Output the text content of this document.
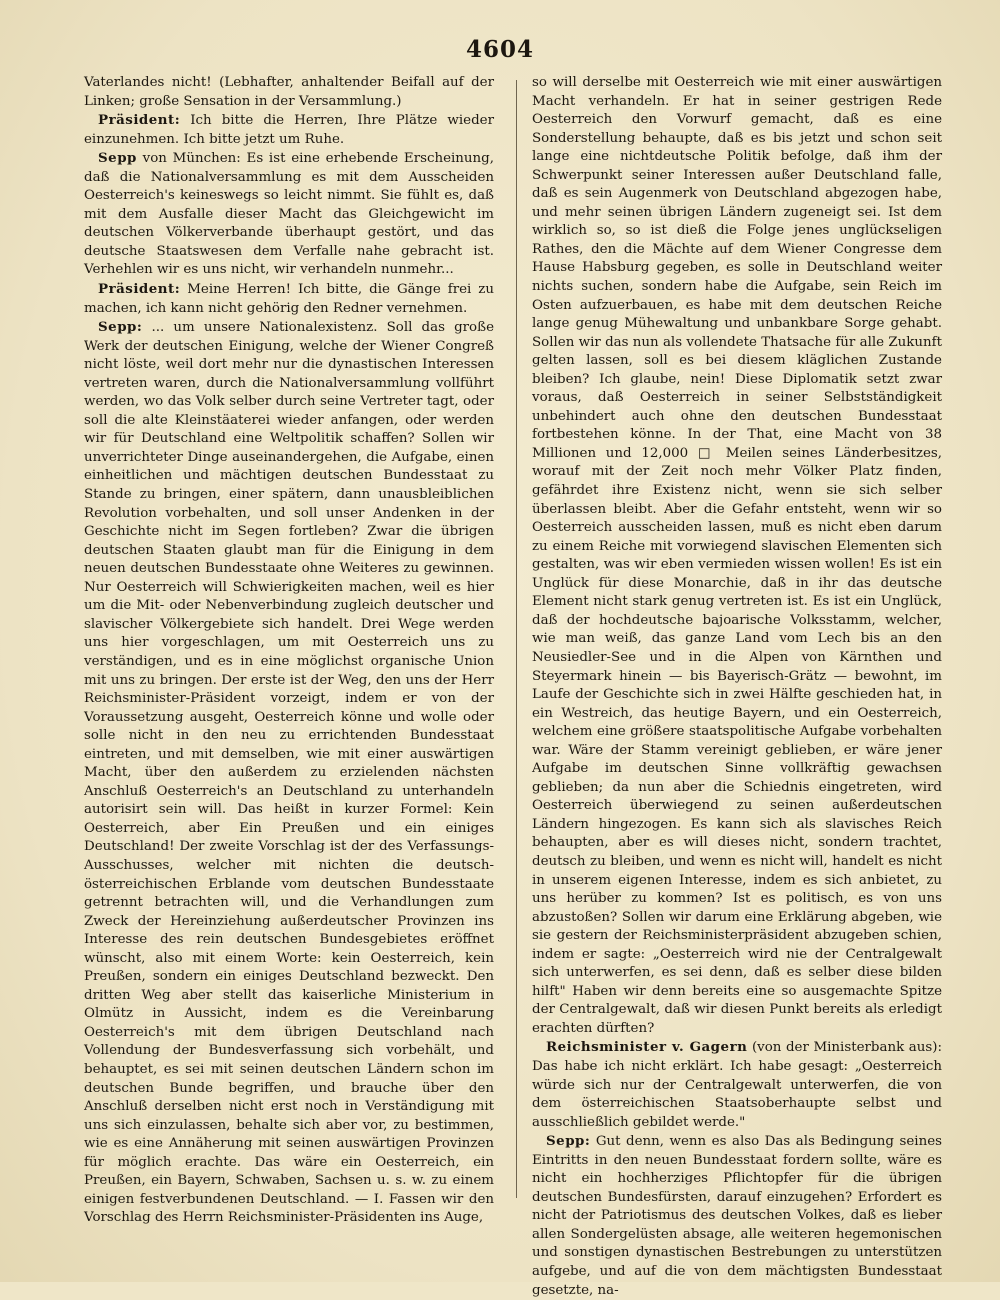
4604

Vaterlandes nicht! (Lebhafter, anhaltender Beifall auf der Linken; große Sensation in der Versammlung.)

Präsident: Ich bitte die Herren, Ihre Plätze wieder einzunehmen. Ich bitte jetzt um Ruhe.

Sepp von München: Es ist eine erhebende Erscheinung, daß die Nationalversammlung es mit dem Ausscheiden Oesterreich's keineswegs so leicht nimmt. Sie fühlt es, daß mit dem Ausfalle dieser Macht das Gleichgewicht im deutschen Völkerverbande überhaupt gestört, und das deutsche Staatswesen dem Verfalle nahe gebracht ist. Verhehlen wir es uns nicht, wir verhandeln nunmehr...

Präsident: Meine Herren! Ich bitte, die Gänge frei zu machen, ich kann nicht gehörig den Redner vernehmen.

Sepp: ... um unsere Nationalexistenz. Soll das große Werk der deutschen Einigung, welche der Wiener Congreß nicht löste, weil dort mehr nur die dynastischen Interessen vertreten waren, durch die Nationalversammlung vollführt werden, wo das Volk selber durch seine Vertreter tagt, oder soll die alte Kleinstäaterei wieder anfangen, oder werden wir für Deutschland eine Weltpolitik schaffen? Sollen wir unverrichteter Dinge auseinandergehen, die Aufgabe, einen einheitlichen und mächtigen deutschen Bundesstaat zu Stande zu bringen, einer spätern, dann unausbleiblichen Revolution vorbehalten, und soll unser Andenken in der Geschichte nicht im Segen fortleben? Zwar die übrigen deutschen Staaten glaubt man für die Einigung in dem neuen deutschen Bundesstaate ohne Weiteres zu gewinnen. Nur Oesterreich will Schwierigkeiten machen, weil es hier um die Mit- oder Nebenverbindung zugleich deutscher und slavischer Völkergebiete sich handelt. Drei Wege werden uns hier vorgeschlagen, um mit Oesterreich uns zu verständigen, und es in eine möglichst organische Union mit uns zu bringen. Der erste ist der Weg, den uns der Herr Reichsminister-Präsident vorzeigt, indem er von der Voraussetzung ausgeht, Oesterreich könne und wolle oder solle nicht in den neu zu errichtenden Bundesstaat eintreten, und mit demselben, wie mit einer auswärtigen Macht, über den außerdem zu erzielenden nächsten Anschluß Oesterreich's an Deutschland zu unterhandeln autorisirt sein will. Das heißt in kurzer Formel: Kein Oesterreich, aber Ein Preußen und ein einiges Deutschland! Der zweite Vorschlag ist der des Verfassungs-Ausschusses, welcher mit nichten die deutsch-österreichischen Erblande vom deutschen Bundesstaate getrennt betrachten will, und die Verhandlungen zum Zweck der Hereinziehung außerdeutscher Provinzen ins Interesse des rein deutschen Bundesgebietes eröffnet wünscht, also mit einem Worte: kein Oesterreich, kein Preußen, sondern ein einiges Deutschland bezweckt. Den dritten Weg aber stellt das kaiserliche Ministerium in Olmütz in Aussicht, indem es die Vereinbarung Oesterreich's mit dem übrigen Deutschland nach Vollendung der Bundesverfassung sich vorbehält, und behauptet, es sei mit seinen deutschen Ländern schon im deutschen Bunde begriffen, und brauche über den Anschluß derselben nicht erst noch in Verständigung mit uns sich einzulassen, behalte sich aber vor, zu bestimmen, wie es eine Annäherung mit seinen auswärtigen Provinzen für möglich erachte. Das wäre ein Oesterreich, ein Preußen, ein Bayern, Schwaben, Sachsen u. s. w. zu einem einigen festverbundenen Deutschland. — I. Fassen wir den Vorschlag des Herrn Reichsminister-Präsidenten ins Auge,

so will derselbe mit Oesterreich wie mit einer auswärtigen Macht verhandeln. Er hat in seiner gestrigen Rede Oesterreich den Vorwurf gemacht, daß es eine Sonderstellung behaupte, daß es bis jetzt und schon seit lange eine nichtdeutsche Politik befolge, daß ihm der Schwerpunkt seiner Interessen außer Deutschland falle, daß es sein Augenmerk von Deutschland abgezogen habe, und mehr seinen übrigen Ländern zugeneigt sei. Ist dem wirklich so, so ist dieß die Folge jenes unglückseligen Rathes, den die Mächte auf dem Wiener Congresse dem Hause Habsburg gegeben, es solle in Deutschland weiter nichts suchen, sondern habe die Aufgabe, sein Reich im Osten aufzuerbauen, es habe mit dem deutschen Reiche lange genug Mühewaltung und unbankbare Sorge gehabt. Sollen wir das nun als vollendete Thatsache für alle Zukunft gelten lassen, soll es bei diesem kläglichen Zustande bleiben? Ich glaube, nein! Diese Diplomatik setzt zwar voraus, daß Oesterreich in seiner Selbstständigkeit unbehindert auch ohne den deutschen Bundesstaat fortbestehen könne. In der That, eine Macht von 38 Millionen und 12,000 □ Meilen seines Länderbesitzes, worauf mit der Zeit noch mehr Völker Platz finden, gefährdet ihre Existenz nicht, wenn sie sich selber überlassen bleibt. Aber die Gefahr entsteht, wenn wir so Oesterreich ausscheiden lassen, muß es nicht eben darum zu einem Reiche mit vorwiegend slavischen Elementen sich gestalten, was wir eben vermieden wissen wollen! Es ist ein Unglück für diese Monarchie, daß in ihr das deutsche Element nicht stark genug vertreten ist. Es ist ein Unglück, daß der hochdeutsche bajoarische Volksstamm, welcher, wie man weiß, das ganze Land vom Lech bis an den Neusiedler-See und in die Alpen von Kärnthen und Steyermark hinein — bis Bayerisch-Grätz — bewohnt, im Laufe der Geschichte sich in zwei Hälfte geschieden hat, in ein Westreich, das heutige Bayern, und ein Oesterreich, welchem eine größere staatspolitische Aufgabe vorbehalten war. Wäre der Stamm vereinigt geblieben, er wäre jener Aufgabe im deutschen Sinne vollkräftig gewachsen geblieben; da nun aber die Schiednis eingetreten, wird Oesterreich überwiegend zu seinen außerdeutschen Ländern hingezogen. Es kann sich als slavisches Reich behaupten, aber es will dieses nicht, sondern trachtet, deutsch zu bleiben, und wenn es nicht will, handelt es nicht in unserem eigenen Interesse, indem es sich anbietet, zu uns herüber zu kommen? Ist es politisch, es von uns abzustoßen? Sollen wir darum eine Erklärung abgeben, wie sie gestern der Reichsministerpräsident abzugeben schien, indem er sagte: „Oesterreich wird nie der Centralgewalt sich unterwerfen, es sei denn, daß es selber diese bilden hilft" Haben wir denn bereits eine so ausgemachte Spitze der Centralgewalt, daß wir diesen Punkt bereits als erledigt erachten dürften?

Reichsminister v. Gagern (von der Ministerbank aus): Das habe ich nicht erklärt. Ich habe gesagt: „Oesterreich würde sich nur der Centralgewalt unterwerfen, die von dem österreichischen Staatsoberhaupte selbst und ausschließlich gebildet werde."

Sepp: Gut denn, wenn es also Das als Bedingung seines Eintritts in den neuen Bundesstaat fordern sollte, wäre es nicht ein hochherziges Pflichtopfer für die übrigen deutschen Bundesfürsten, darauf einzugehen? Erfordert es nicht der Patriotismus des deutschen Volkes, daß es lieber allen Sondergelüsten absage, alle weiteren hegemonischen und sonstigen dynastischen Bestrebungen zu unterstützen aufgebe, und auf die von dem mächtigsten Bundesstaat gesetzte, na-
